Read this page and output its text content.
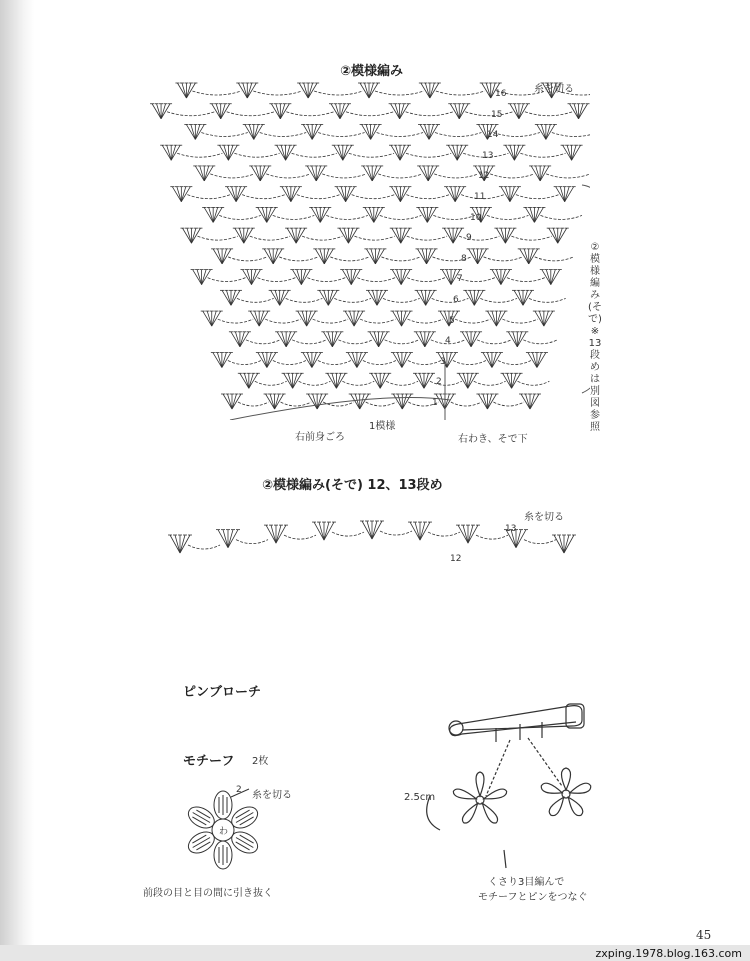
②模様編み
糸を切る
1
2
3
4
5
6
7
8
9
10
11
12
13
14
15
16
②模様編み(そで)※13段めは別図参照
右前身ごろ
1模様
右わき、そで下
②模様編み(そで) 12、13段め
糸を切る
13
12
ピンブローチ
モチーフ 2枚
わ
2 糸を切る
前段の目と目の間に引き抜く
2.5cm
くさり3目編んで
モチーフとピンをつなぐ
45
zxping.1978.blog.163.com
